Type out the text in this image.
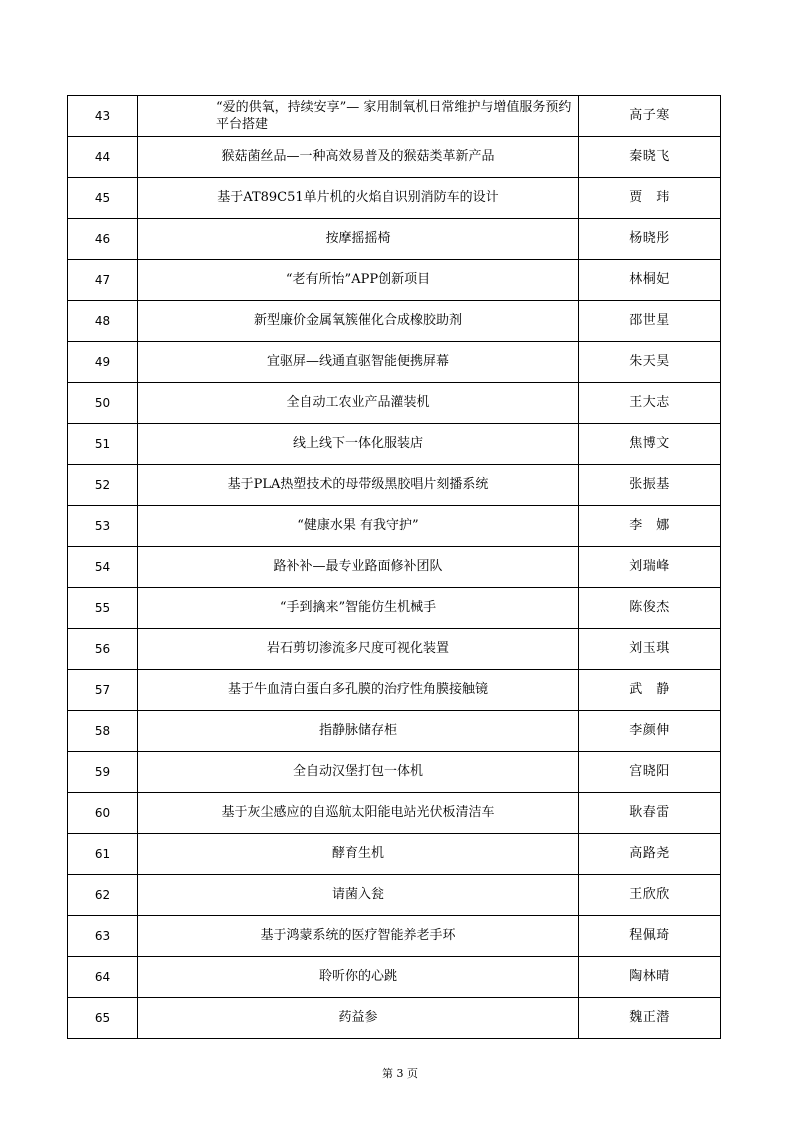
43	“爱的供氧，持续安享”— 家用制氧机日常维护与增值服务预约平台搭建	高子寒
44	猴菇菌丝品—一种高效易普及的猴菇类革新产品	秦晓飞
45	基于AT89C51单片机的火焰自识别消防车的设计	贾　玮
46	按摩摇摇椅	杨晓彤
47	“老有所怡”APP创新项目	林桐妃
48	新型廉价金属氧簇催化合成橡胶助剂	邵世星
49	宜驱屏—线通直驱智能便携屏幕	朱天昊
50	全自动工农业产品灌装机	王大志
51	线上线下一体化服装店	焦博文
52	基于PLA热塑技术的母带级黑胶唱片刻播系统	张振基
53	“健康水果 有我守护”	李　娜
54	路补补—最专业路面修补团队	刘瑞峰
55	“手到擒来”智能仿生机械手	陈俊杰
56	岩石剪切渗流多尺度可视化装置	刘玉琪
57	基于牛血清白蛋白多孔膜的治疗性角膜接触镜	武　静
58	指静脉储存柜	李颜伸
59	全自动汉堡打包一体机	宫晓阳
60	基于灰尘感应的自巡航太阳能电站光伏板清洁车	耿春雷
61	酵育生机	高路尧
62	请菌入瓮	王欣欣
63	基于鸿蒙系统的医疗智能养老手环	程佩琦
64	聆听你的心跳	陶林晴
65	药益参	魏正潜
第 3 页
